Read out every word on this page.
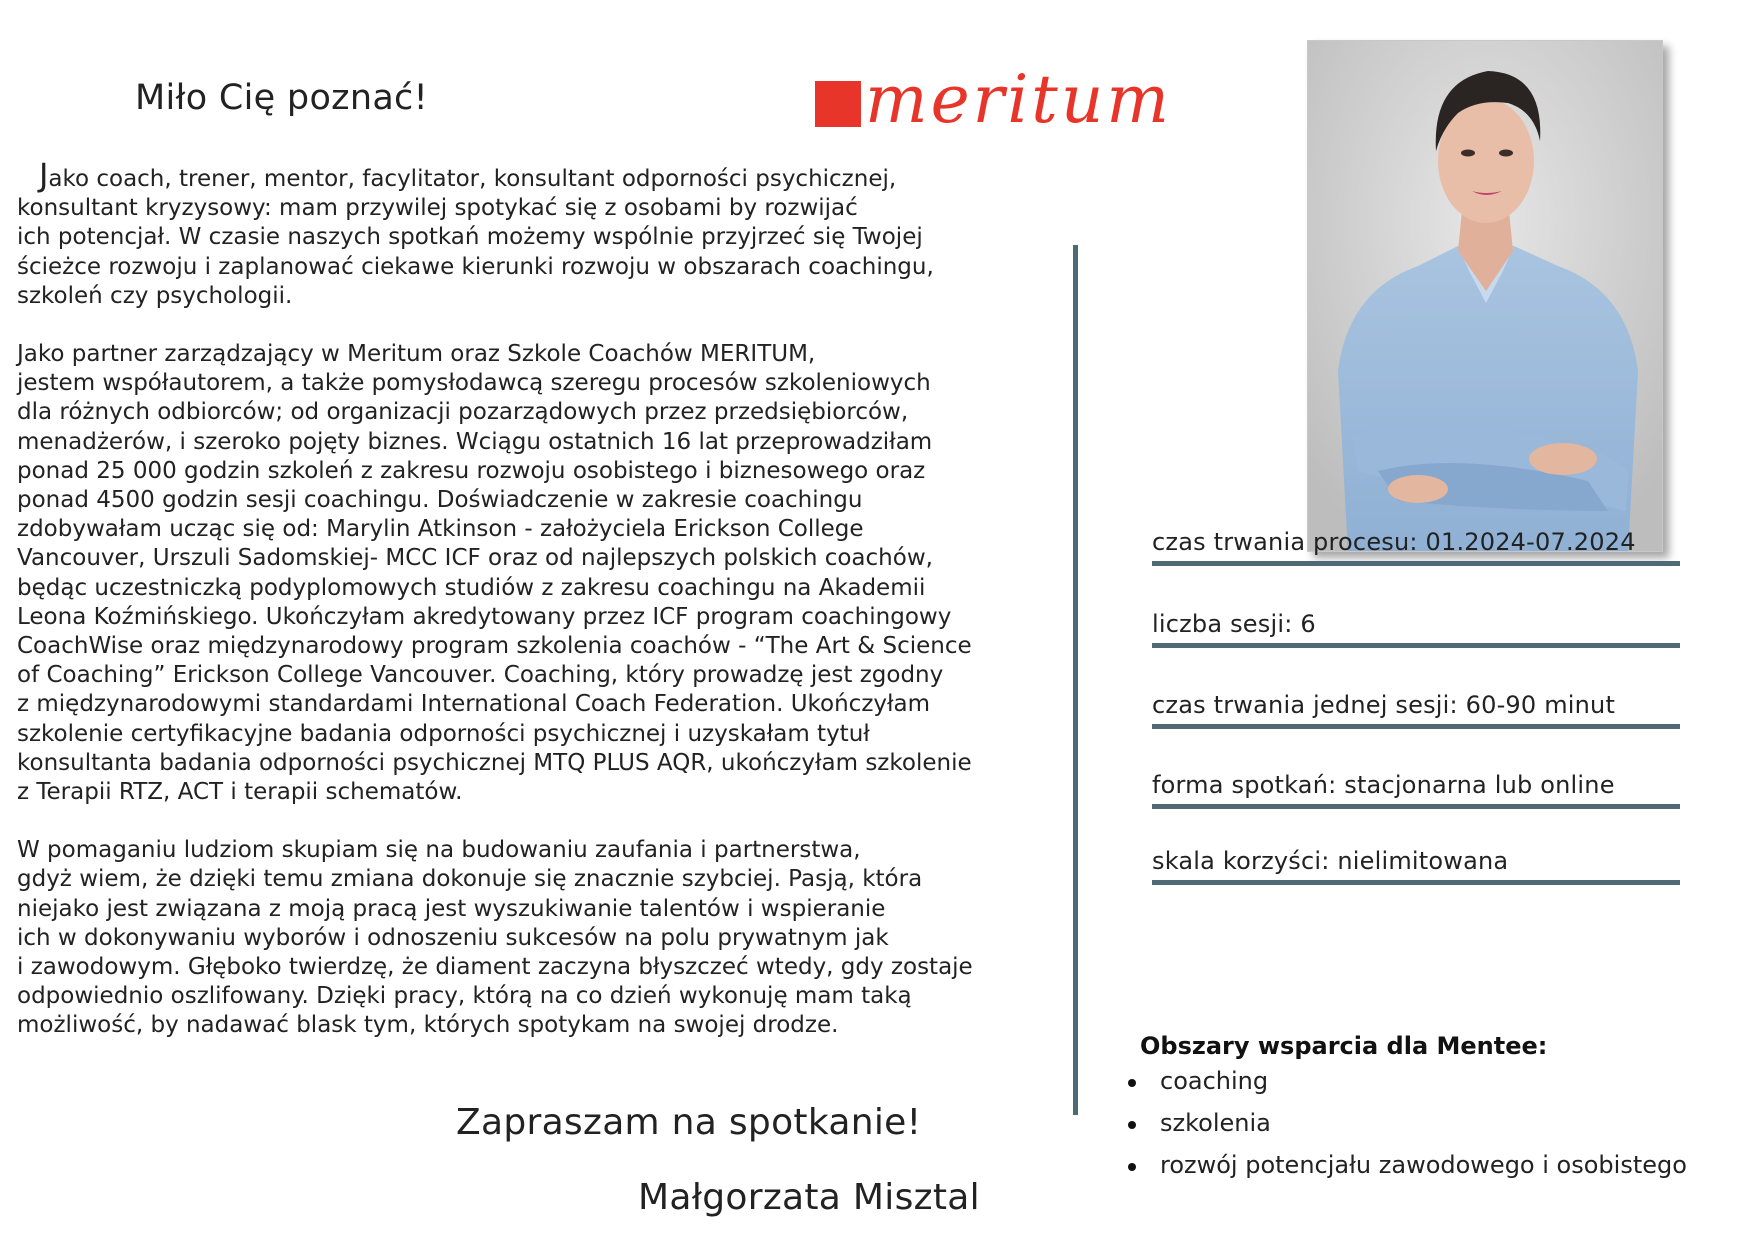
Miło Cię poznać!	meritum

Jako coach, trener, mentor, facylitator, konsultant odporności psychicznej,
konsultant kryzysowy: mam przywilej spotykać się z osobami by rozwijać
ich potencjał. W czasie naszych spotkań możemy wspólnie przyjrzeć się Twojej
ścieżce rozwoju i zaplanować ciekawe kierunki rozwoju w obszarach coachingu,
szkoleń czy psychologii.

Jako partner zarządzający w Meritum oraz Szkole Coachów MERITUM,
jestem współautorem, a także pomysłodawcą szeregu procesów szkoleniowych
dla różnych odbiorców; od organizacji pozarządowych przez przedsiębiorców,
menadżerów, i szeroko pojęty biznes. Wciągu ostatnich 16 lat przeprowadziłam
ponad 25 000 godzin szkoleń z zakresu rozwoju osobistego i biznesowego oraz
ponad 4500 godzin sesji coachingu. Doświadczenie w zakresie coachingu
zdobywałam ucząc się od: Marylin Atkinson - założyciela Erickson College
Vancouver, Urszuli Sadomskiej- MCC ICF oraz od najlepszych polskich coachów,
będąc uczestniczką podyplomowych studiów z zakresu coachingu na Akademii
Leona Koźmińskiego. Ukończyłam akredytowany przez ICF program coachingowy
CoachWise oraz międzynarodowy program szkolenia coachów - “The Art & Science
of Coaching” Erickson College Vancouver. Coaching, który prowadzę jest zgodny
z międzynarodowymi standardami International Coach Federation. Ukończyłam
szkolenie certyfikacyjne badania odporności psychicznej i uzyskałam tytuł
konsultanta badania odporności psychicznej MTQ PLUS AQR, ukończyłam szkolenie
z Terapii RTZ, ACT i terapii schematów.

W pomaganiu ludziom skupiam się na budowaniu zaufania i partnerstwa,
gdyż wiem, że dzięki temu zmiana dokonuje się znacznie szybciej. Pasją, która
niejako jest związana z moją pracą jest wyszukiwanie talentów i wspieranie
ich w dokonywaniu wyborów i odnoszeniu sukcesów na polu prywatnym jak
i zawodowym. Głęboko twierdzę, że diament zaczyna błyszczeć wtedy, gdy zostaje
odpowiednio oszlifowany. Dzięki pracy, którą na co dzień wykonuję mam taką
możliwość, by nadawać blask tym, których spotykam na swojej drodze.

Zapraszam na spotkanie!
Małgorzata Misztal
czas trwania procesu: 01.2024-07.2024
liczba sesji: 6
czas trwania jednej sesji: 60-90 minut
forma spotkań: stacjonarna lub online
skala korzyści: nielimitowana
Obszary wsparcia dla Mentee:
coaching
szkolenia
rozwój potencjału zawodowego i osobistego
